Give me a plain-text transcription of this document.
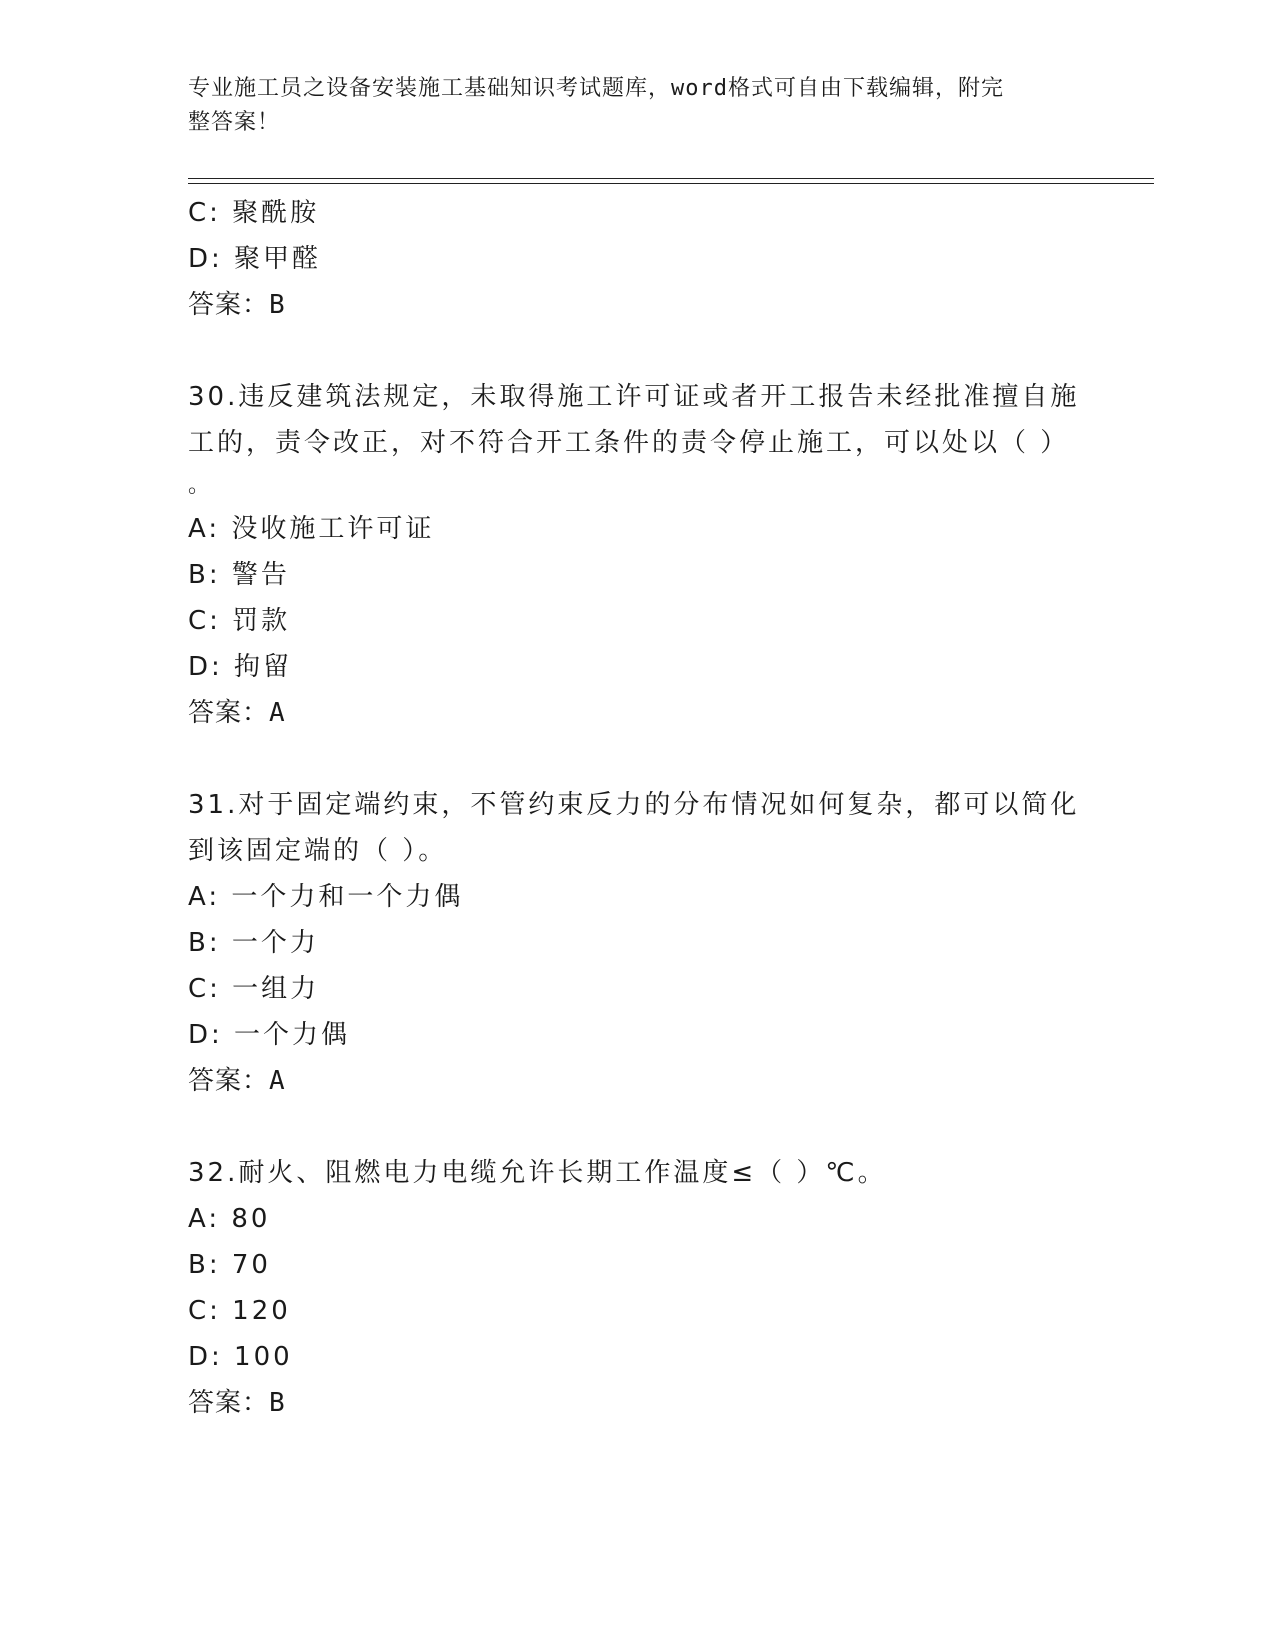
专业施工员之设备安装施工基础知识考试题库，word格式可自由下载编辑，附完
整答案！
C: 聚酰胺
D: 聚甲醛
答案：B
30.违反建筑法规定，未取得施工许可证或者开工报告未经批准擅自施
工的，责令改正，对不符合开工条件的责令停止施工，可以处以（ ）
。
A: 没收施工许可证
B: 警告
C: 罚款
D: 拘留
答案：A
31.对于固定端约束，不管约束反力的分布情况如何复杂，都可以简化
到该固定端的（ ）。
A: 一个力和一个力偶
B: 一个力
C: 一组力
D: 一个力偶
答案：A
32.耐火、阻燃电力电缆允许长期工作温度≤（ ）℃。
A: 80
B: 70
C: 120
D: 100
答案：B
